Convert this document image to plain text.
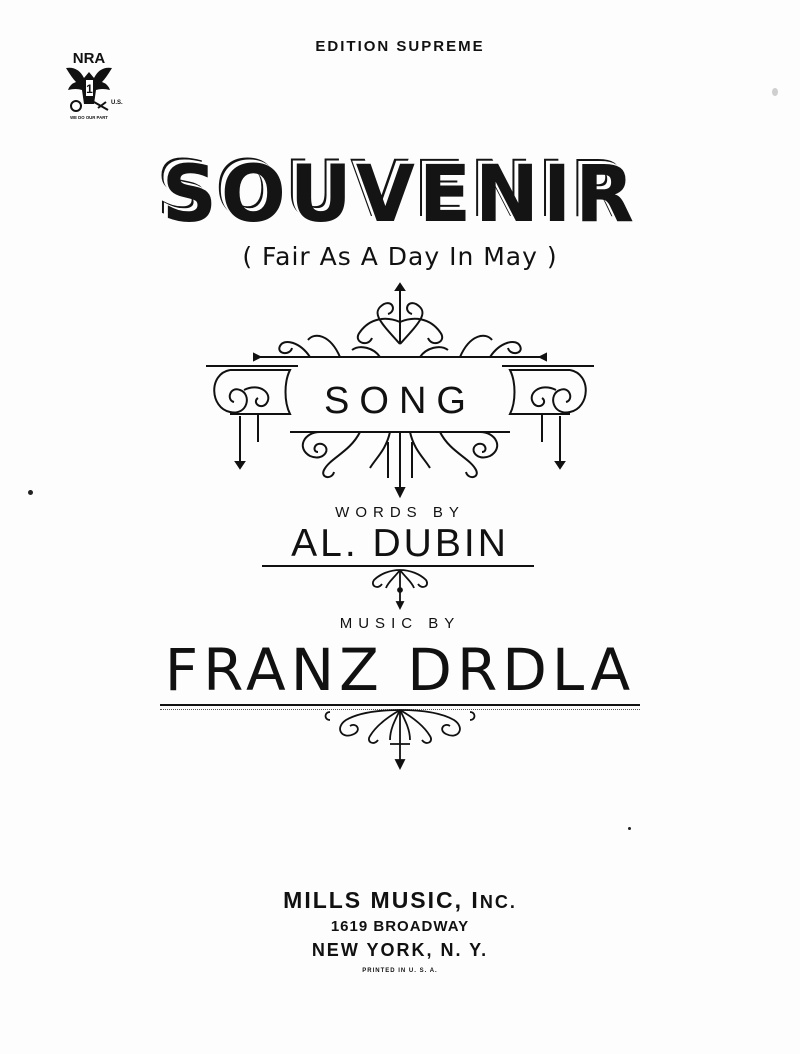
EDITION SUPREME
NRA
1
U.S.
WE DO OUR PART
SOUVENIR
( Fair As A Day In May )
SONG
WORDS BY
AL. DUBIN
MUSIC BY
FRANZ DRDLA
MILLS MUSIC, INC.
1619 BROADWAY
NEW YORK, N. Y.
PRINTED IN U. S. A.
